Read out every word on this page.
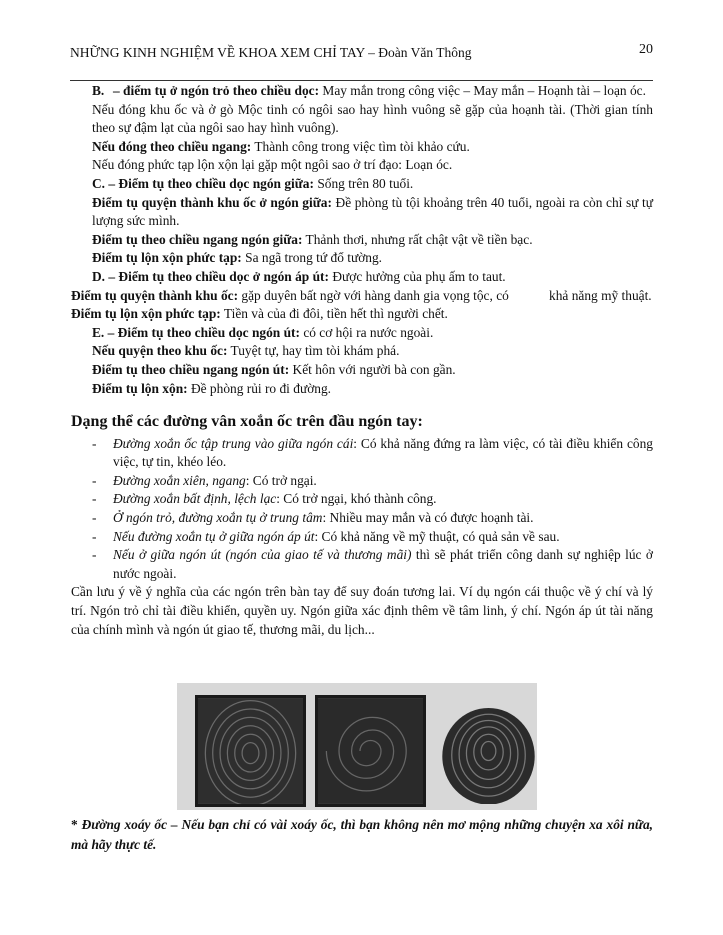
NHỮNG KINH NGHIỆM VỀ KHOA XEM CHỈ TAY – Đoàn Văn Thông	20

B. – điểm tụ ở ngón trỏ theo chiều dọc: May mắn trong công việc – May mắn – Hoạnh tài – loạn óc.

Nếu đóng khu ốc và ở gò Mộc tinh có ngôi sao hay hình vuông sẽ gặp của hoạnh tài. (Thời gian tính theo sự đậm lạt của ngôi sao hay hình vuông).

Nếu đóng theo chiều ngang: Thành công trong việc tìm tòi khảo cứu.

Nếu đóng phức tạp lộn xộn lại gặp một ngôi sao ở trí đạo: Loạn óc.

C. – Điểm tụ theo chiều dọc ngón giữa: Sống trên 80 tuổi.

Điểm tụ quyện thành khu ốc ở ngón giữa: Đề phòng tù tội khoảng trên 40 tuổi, ngoài ra còn chỉ sự tự lượng sức mình.

Điểm tụ theo chiều ngang ngón giữa: Thảnh thơi, nhưng rất chật vật về tiền bạc.

Điểm tụ lộn xộn phức tạp: Sa ngã trong tứ đổ tường.

D. – Điểm tụ theo chiều dọc ở ngón áp út: Được hưởng của phụ ấm to taut.

Điểm tụ quyện thành khu ốc: gặp duyên bất ngờ với hàng danh gia vọng tộc, có	khả năng mỹ thuật.

Điểm tụ lộn xộn phức tạp: Tiền và của đi đôi, tiền hết thì người chết.

E. – Điểm tụ theo chiều dọc ngón út: có cơ hội ra nước ngoài.

Nếu quyện theo khu ốc: Tuyệt tự, hay tìm tòi khám phá.

Điểm tụ theo chiều ngang ngón út: Kết hôn với người bà con gần.

Điểm tụ lộn xộn: Đề phòng rủi ro đi đường.

Dạng thể các đường vân xoắn ốc trên đầu ngón tay:
- Đường xoắn ốc tập trung vào giữa ngón cái: Có khả năng đứng ra làm việc, có tài điều khiển công việc, tự tin, khéo léo.
- Đường xoắn xiên, ngang: Có trở ngại.
- Đường xoắn bất định, lệch lạc: Có trở ngại, khó thành công.
- Ở ngón trỏ, đường xoắn tụ ở trung tâm: Nhiều may mắn và có được hoạnh tài.
- Nếu đường xoắn tụ ở giữa ngón áp út: Có khả năng về mỹ thuật, có quả sản về sau.
- Nếu ở giữa ngón út (ngón của giao tế và thương mãi) thì sẽ phát triển công danh sự nghiệp lúc ở nước ngoài.

Cần lưu ý về ý nghĩa của các ngón trên bàn tay để suy đoán tương lai. Ví dụ ngón cái thuộc về ý chí và lý trí. Ngón trỏ chỉ tài điều khiển, quyền uy. Ngón giữa xác định thêm về tâm linh, ý chí. Ngón áp út tài năng của chính mình và ngón út giao tế, thương mãi, du lịch...

* Đường xoáy ốc – Nếu bạn chỉ có vài xoáy ốc, thì bạn không nên mơ mộng những chuyện xa xôi nữa, mà hãy thực tế.
